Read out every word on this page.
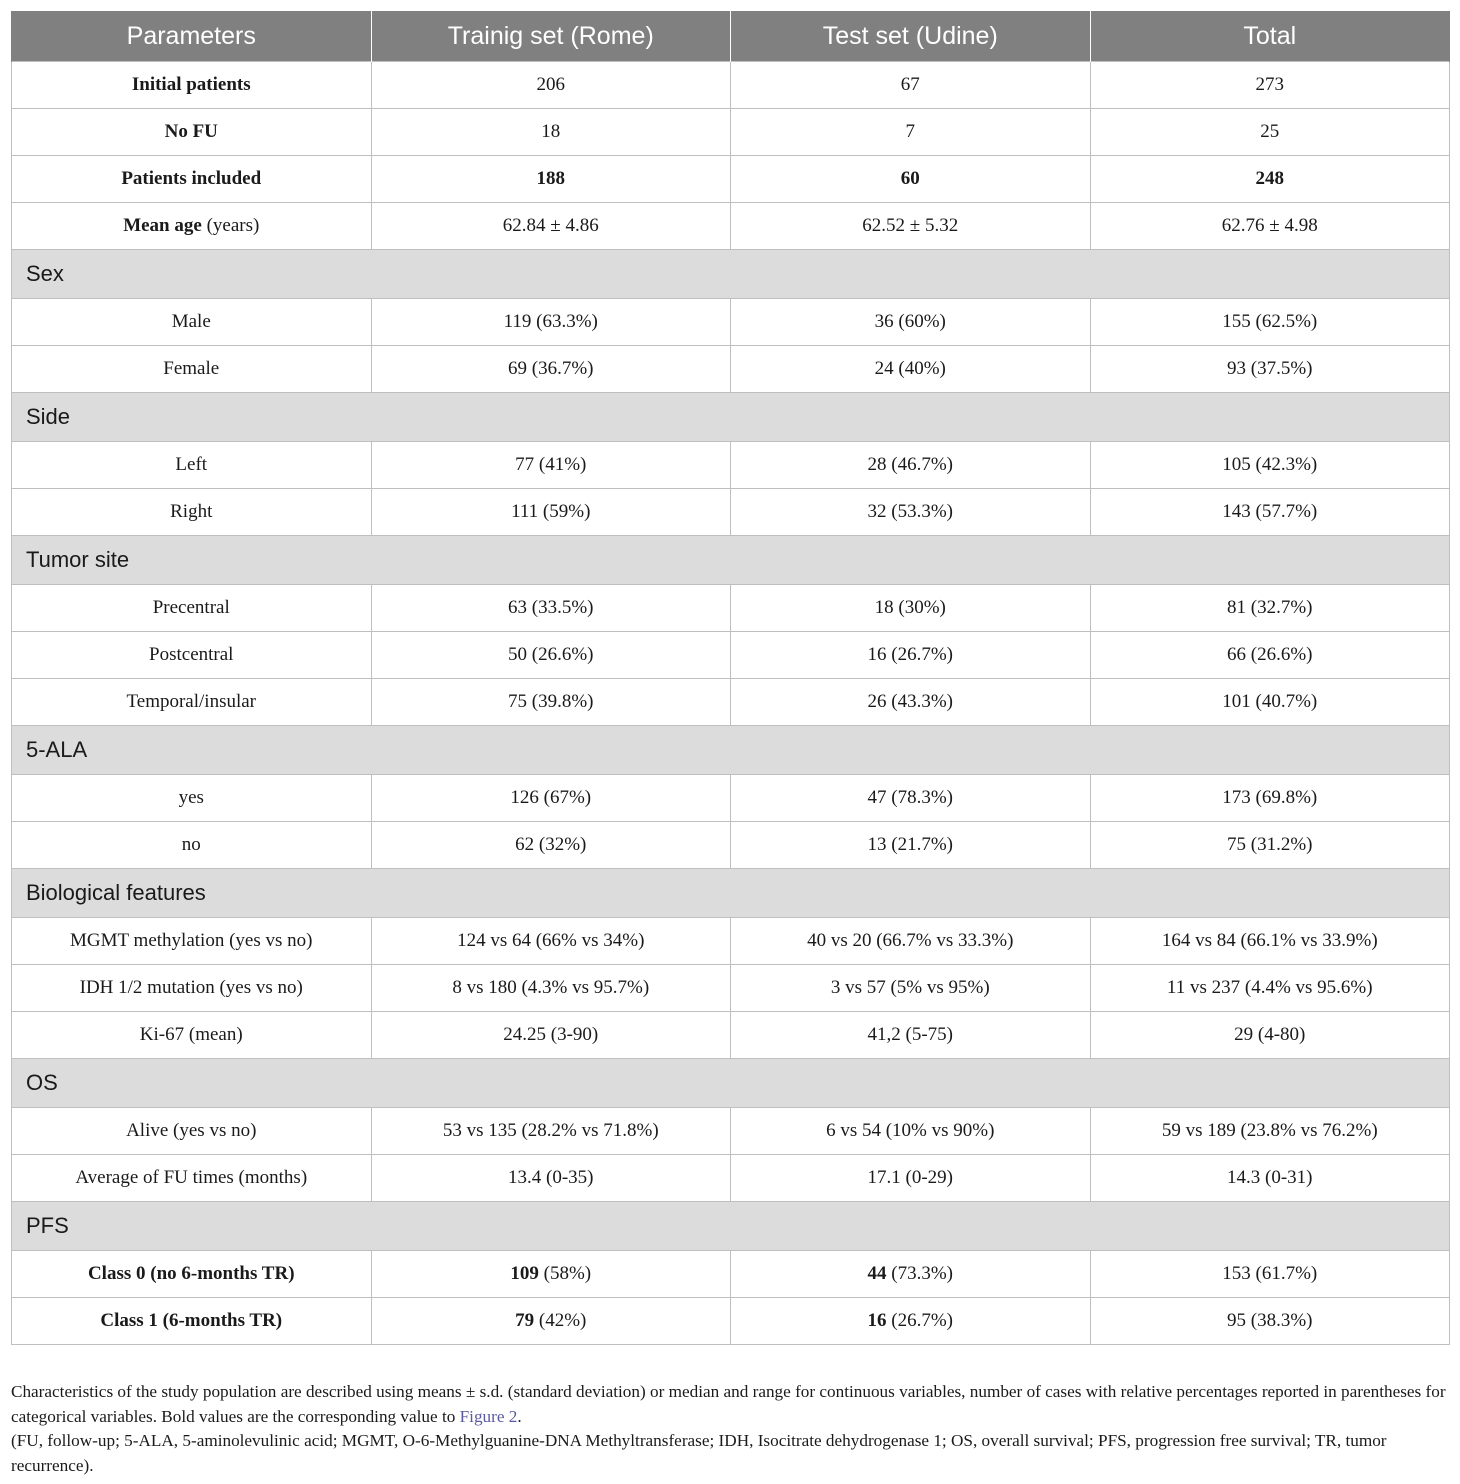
Parameters	Trainig set (Rome)	Test set (Udine)	Total
Initial patients	206	67	273
No FU	18	7	25
Patients included	188	60	248
Mean age (years)	62.84 ± 4.86	62.52 ± 5.32	62.76 ± 4.98
Sex			
Male	119 (63.3%)	36 (60%)	155 (62.5%)
Female	69 (36.7%)	24 (40%)	93 (37.5%)
Side			
Left	77 (41%)	28 (46.7%)	105 (42.3%)
Right	111 (59%)	32 (53.3%)	143 (57.7%)
Tumor site			
Precentral	63 (33.5%)	18 (30%)	81 (32.7%)
Postcentral	50 (26.6%)	16 (26.7%)	66 (26.6%)
Temporal/insular	75 (39.8%)	26 (43.3%)	101 (40.7%)
5-ALA			
yes	126 (67%)	47 (78.3%)	173 (69.8%)
no	62 (32%)	13 (21.7%)	75 (31.2%)
Biological features			
MGMT methylation (yes vs no)	124 vs 64 (66% vs 34%)	40 vs 20 (66.7% vs 33.3%)	164 vs 84 (66.1% vs 33.9%)
IDH 1/2 mutation (yes vs no)	8 vs 180 (4.3% vs 95.7%)	3 vs 57 (5% vs 95%)	11 vs 237 (4.4% vs 95.6%)
Ki-67 (mean)	24.25 (3-90)	41,2 (5-75)	29 (4-80)
OS			
Alive (yes vs no)	53 vs 135 (28.2% vs 71.8%)	6 vs 54 (10% vs 90%)	59 vs 189 (23.8% vs 76.2%)
Average of FU times (months)	13.4 (0-35)	17.1 (0-29)	14.3 (0-31)
PFS			
Class 0 (no 6-months TR)	109 (58%)	44 (73.3%)	153 (61.7%)
Class 1 (6-months TR)	79 (42%)	16 (26.7%)	95 (38.3%)

Characteristics of the study population are described using means ± s.d. (standard deviation) or median and range for continuous variables, number of cases with relative percentages reported in parentheses for categorical variables. Bold values are the corresponding value to Figure 2.

(FU, follow-up; 5-ALA, 5-aminolevulinic acid; MGMT, O-6-Methylguanine-DNA Methyltransferase; IDH, Isocitrate dehydrogenase 1; OS, overall survival; PFS, progression free survival; TR, tumor recurrence).
